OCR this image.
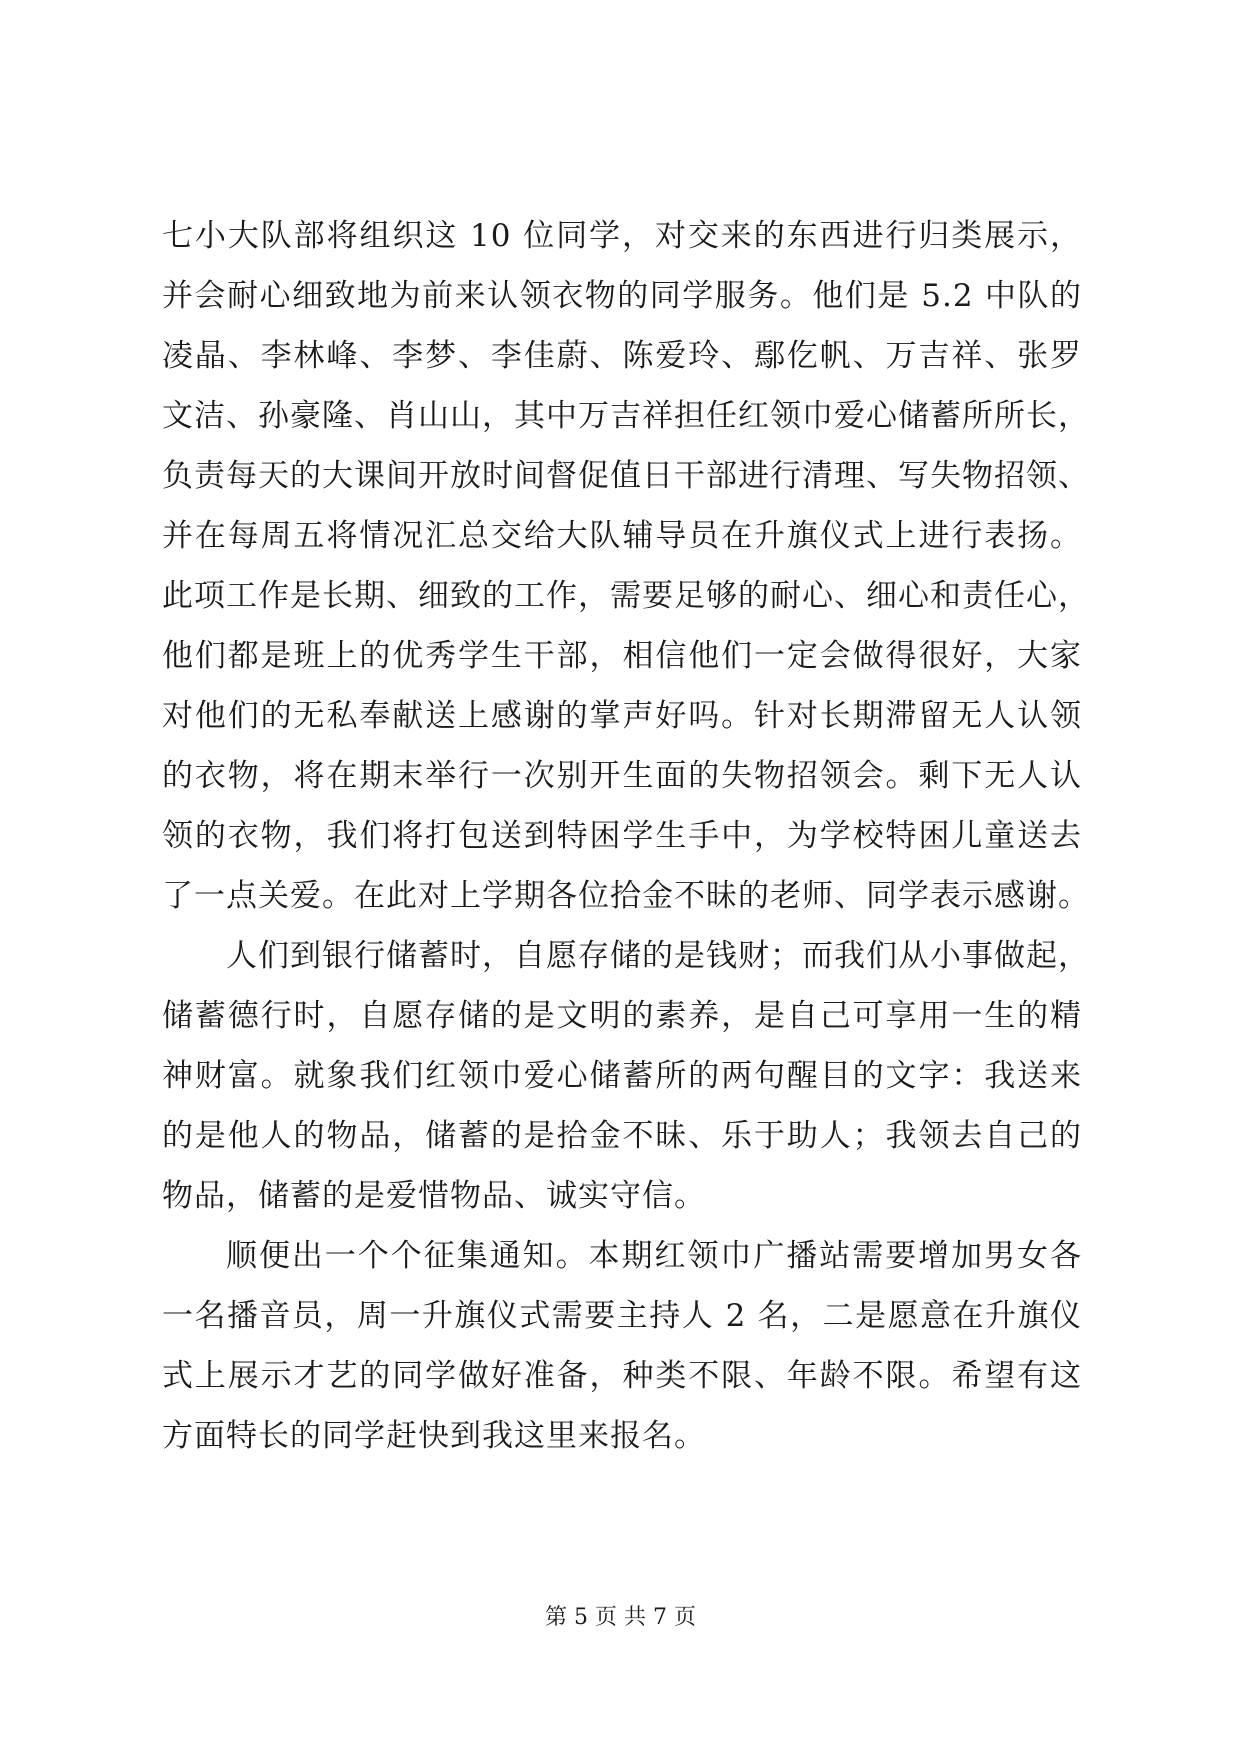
七小大队部将组织这 10 位同学，对交来的东西进行归类展示，
并会耐心细致地为前来认领衣物的同学服务。他们是 5.2 中队的
凌晶、李林峰、李梦、李佳蔚、陈爱玲、鄢仡帆、万吉祥、张罗
文洁、孙豪隆、肖山山，其中万吉祥担任红领巾爱心储蓄所所长，
负责每天的大课间开放时间督促值日干部进行清理、写失物招领、
并在每周五将情况汇总交给大队辅导员在升旗仪式上进行表扬。
此项工作是长期、细致的工作，需要足够的耐心、细心和责任心，
他们都是班上的优秀学生干部，相信他们一定会做得很好，大家
对他们的无私奉献送上感谢的掌声好吗。针对长期滞留无人认领
的衣物，将在期末举行一次别开生面的失物招领会。剩下无人认
领的衣物，我们将打包送到特困学生手中，为学校特困儿童送去
了一点关爱。在此对上学期各位拾金不昧的老师、同学表示感谢。
人们到银行储蓄时，自愿存储的是钱财；而我们从小事做起，
储蓄德行时，自愿存储的是文明的素养，是自己可享用一生的精
神财富。就象我们红领巾爱心储蓄所的两句醒目的文字：我送来
的是他人的物品，储蓄的是拾金不昧、乐于助人；我领去自己的
物品，储蓄的是爱惜物品、诚实守信。
顺便出一个个征集通知。本期红领巾广播站需要增加男女各
一名播音员，周一升旗仪式需要主持人 2 名，二是愿意在升旗仪
式上展示才艺的同学做好准备，种类不限、年龄不限。希望有这
方面特长的同学赶快到我这里来报名。
第 5 页 共 7 页
